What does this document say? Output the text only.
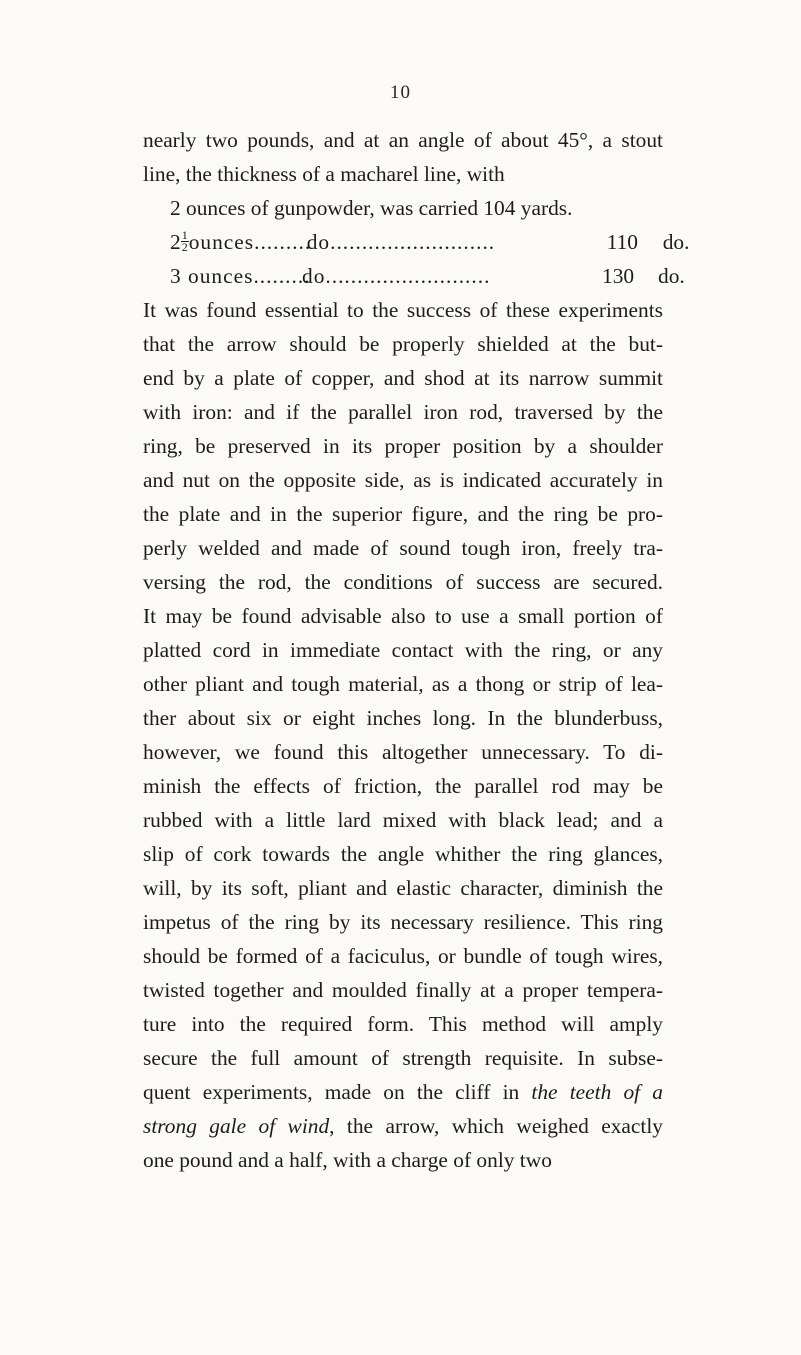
10
nearly two pounds, and at an angle of about 45°, a stout
line, the thickness of a macharel line, with
2 ounces of gunpowder, was carried 104 yards.
$2 \frac{1}{2}$ ounces.........do..........................	110 do.
3 ounces.........do..........................	130 do.
It was found essential to the success of these experiments
that the arrow should be properly shielded at the but-
end by a plate of copper, and shod at its narrow summit
with iron: and if the parallel iron rod, traversed by the
ring, be preserved in its proper position by a shoulder
and nut on the opposite side, as is indicated accurately in
the plate and in the superior figure, and the ring be pro-
perly welded and made of sound tough iron, freely tra-
versing the rod, the conditions of success are secured.
It may be found advisable also to use a small portion of
platted cord in immediate contact with the ring, or any
other pliant and tough material, as a thong or strip of lea-
ther about six or eight inches long. In the blunderbuss,
however, we found this altogether unnecessary. To di-
minish the effects of friction, the parallel rod may be
rubbed with a little lard mixed with black lead; and a
slip of cork towards the angle whither the ring glances,
will, by its soft, pliant and elastic character, diminish the
impetus of the ring by its necessary resilience. This ring
should be formed of a faciculus, or bundle of tough wires,
twisted together and moulded finally at a proper tempera-
ture into the required form. This method will amply
secure the full amount of strength requisite. In subse-
quent experiments, made on the cliff in the teeth of a
strong gale of wind, the arrow, which weighed exactly
one pound and a half, with a charge of only two
